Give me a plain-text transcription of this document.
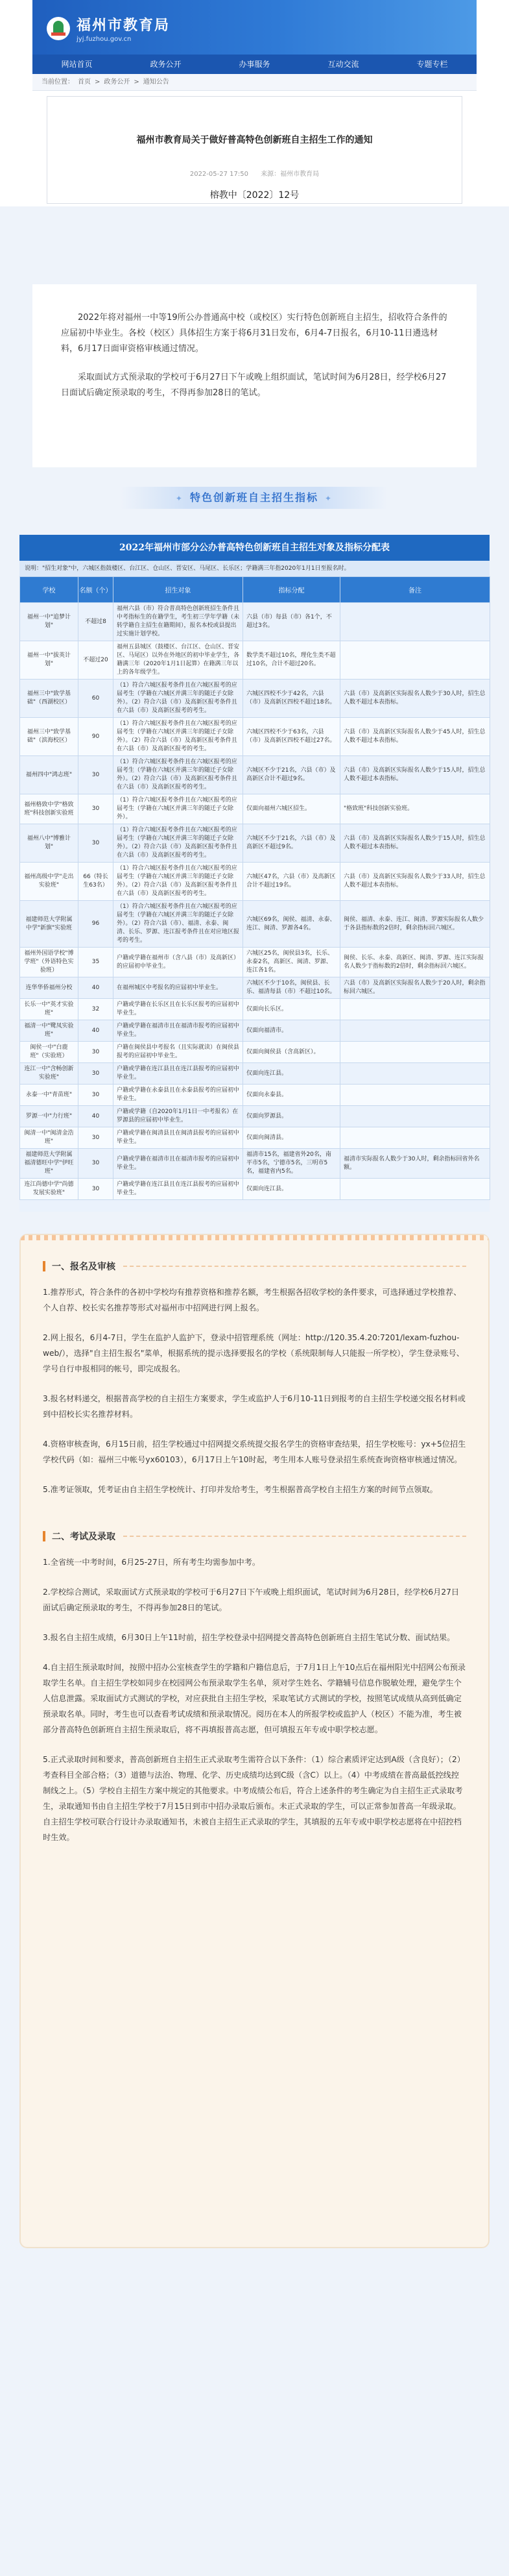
福州市教育局
jyj.fuzhou.gov.cn
网站首页	政务公开	办事服务	互动交流	专题专栏
当前位置： 首页 > 政务公开 > 通知公告
福州市教育局关于做好普高特色创新班自主招生工作的通知
2022-05-27 17:50 来源：福州市教育局
榕教中〔2022〕12号

2022年将对福州一中等19所公办普通高中校（或校区）实行特色创新班自主招生，招收符合条件的应届初中毕业生。各校（校区）具体招生方案于将6月31日发布，6月4-7日报名，6月10-11日遴选材料，6月17日面审资格审核通过情况。

采取面试方式预录取的学校可于6月27日下午或晚上组织面试，笔试时间为6月28日，经学校6月27日面试后确定预录取的考生，不得再参加28日的笔试。

✦ 特色创新班自主招生指标 ✦
2022年福州市部分公办普高特色创新班自主招生对象及指标分配表
说明："招生对象"中，六城区指鼓楼区、台江区、仓山区、晋安区、马尾区、长乐区；学籍满三年指2020年1月1日至报名时。
学校	名额（个）	招生对象	指标分配	备注
福州一中"追梦计划"	不超过8	福州六县（市）符合普高特色创新班招生条件且中考指标生的在籍学生，考生初三学年学籍（未转学籍自主招生在籍期间），报名本校或县提出过实施计划学校。	六县（市）每县（市）各1个，不超过3名。	
福州一中"拔英计划"	不超过20	福州五县城区（鼓楼区、台江区、仓山区、晋安区、马尾区）以外在外地区的初中毕业学生，各籍满三年（2020年1月1日起算）在籍满三年以上的各年级学生。	数学类不超过10名，理化生类不超过10名，合计不超过20名。	
福州三中"致学基础"（西湖校区）	60	（1）符合六城区报考条件且在六城区报考的应届考生（学籍在六城区并满三年的随迁子女除外）。（2）符合六县（市）及高新区报考条件且在六县（市）及高新区报考的考生。	六城区四校不少于42名，六县（市）及高新区四校不超过18名。	六县（市）及高新区实际报名人数少于30人时，招生总人数不超过本表指标。
福州三中"致学基础"（滨海校区）	90	（1）符合六城区报考条件且在六城区报考的应届考生（学籍在六城区并满三年的随迁子女除外）。（2）符合六县（市）及高新区报考条件且在六县（市）及高新区报考的考生。	六城区四校不少于63名，六县（市）及高新区四校不超过27名。	六县（市）及高新区实际报名人数少于45人时，招生总人数不超过本表指标。
福州四中"鸿志班"	30	（1）符合六城区报考条件且在六城区报考的应届考生（学籍在六城区并满三年的随迁子女除外）。（2）符合六县（市）及高新区报考条件且在六县（市）及高新区报考的考生。	六城区不少于21名，六县（市）及高新区合计不超过9名。	六县（市）及高新区实际报名人数少于15人时，招生总人数不超过本表指标。
福州格致中学"格致班"科技创新实验班	30	（1）符合六城区报考条件且在六城区报考的应届考生（学籍在六城区并满三年的随迁子女除外）。	仅面向福州六城区招生。	"格致班"科技创新实验班。
福州八中"博雅计划"	30	（1）符合六城区报考条件且在六城区报考的应届考生（学籍在六城区并满三年的随迁子女除外）。（2）符合六县（市）及高新区报考条件且在六县（市）及高新区报考的考生。	六城区不少于21名，六县（市）及高新区不超过9名。	六县（市）及高新区实际报名人数少于15人时，招生总人数不超过本表指标。
福州高级中学"走出实验班"	66（特长生63名）	（1）符合六城区报考条件且在六城区报考的应届考生（学籍在六城区并满三年的随迁子女除外）。（2）符合六县（市）及高新区报考条件且在六县（市）及高新区报考的考生。	六城区47名，六县（市）及高新区合计不超过19名。	六县（市）及高新区实际报名人数少于33人时，招生总人数不超过本表指标。
福建师范大学附属中学"新旗"实验班	96	（1）符合六城区报考条件且在六城区报考的应届考生（学籍在六城区并满三年的随迁子女除外）。（2）符合六县（市）、福清、永泰、闽清、长乐、罗源、连江报考条件且在对应地区报考的考生。	六城区69名，闽侯、福清、永泰、连江、闽清、罗源各4名。	闽侯、福清、永泰、连江、闽清、罗源实际报名人数少于各县指标数的2倍时，剩余指标回六城区。
福州外国语学校"博学班"（外语特色实验班）	35	户籍或学籍在福州市（含八县（市）及高新区）的应届初中毕业生。	六城区25名，闽侯县3名，长乐、永泰2名，高新区、闽清、罗源、连江各1名。	闽侯、长乐、永泰、高新区、闽清、罗源、连江实际报名人数少于指标数的2倍时，剩余指标回六城区。
连华华侨福州分校	40	在福州城区中考报名的应届初中毕业生。	六城区不少于10名，闽侯县、长乐、福清每县（市）不超过10名。	六县（市）及高新区实际报名人数少于20人时，剩余指标回六城区。
长乐一中"英才实验班"	32	户籍或学籍在长乐区且在长乐区报考的应届初中毕业生。	仅面向长乐区。	
福清一中"鹭凤实验班"	40	户籍或学籍在福清市且在福清市报考的应届初中毕业生。	仅面向福清市。	
闽侯一中"白鹿班"（实验班）	30	户籍在闽侯县中考报名（且实际就读）在闽侯县报考的应届初中毕业生。	仅面向闽侯县（含高新区）。	
连江一中"含畅创新实验班"	30	户籍或学籍在连江县且在连江县报考的应届初中毕业生。	仅面向连江县。	
永泰一中"青苗班"	30	户籍或学籍在永泰县且在永泰县报考的应届初中毕业生。	仅面向永泰县。	
罗源一中"力行班"	40	户籍或学籍（自2020年1月1日一中考报名）在罗源县的应届初中毕业生。	仅面向罗源县。	
闽清一中"闽清金浩班"	30	户籍或学籍在闽清县且在闽清县报考的应届初中毕业生。	仅面向闽清县。	
福建师范大学附属福清德旺中学"伊旺班"	30	户籍或学籍在福清市且在福清市报考的应届初中毕业生。	福清市15名，福建省外20名，南平市5名，宁德市5名，三明市5名，福建省内5名。	福清市实际报名人数少于30人时，剩余指标回省外名额。
连江尚德中学"尚德发展实验班"	30	户籍或学籍在连江县且在连江县报考的应届初中毕业生。	仅面向连江县。	
一、报名及审核

1.推荐形式，符合条件的各初中学校均有推荐资格和推荐名额，考生根据各招收学校的条件要求，可选择通过学校推荐、个人自荐、校长实名推荐等形式对福州市中招网进行网上报名。

2.网上报名，6月4-7日，学生在监护人监护下，登录中招管理系统（网址：http://120.35.4.20:7201/lexam-fuzhou-web/），选择"自主招生报名"菜单，根据系统的提示选择要报名的学校（系统限制每人只能报一所学校），学生登录账号、学号自行申报相同的帐号，即完成报名。

3.报名材料递交，根据普高学校的自主招生方案要求，学生或监护人于6月10-11日到报考的自主招生学校递交报名材料或到中招校长实名推荐材料。

4.资格审核查询，6月15日前，招生学校通过中招网提交系统提交报名学生的资格审查结果，招生学校账号：yx+5位招生学校代码（如：福州三中帐号yx60103），6月17日上午10时起，考生用本人账号登录招生系统查询资格审核通过情况。

5.准考证领取，凭考证由自主招生学校统计、打印并发给考生，考生根据普高学校自主招生方案的时间节点领取。

二、考试及录取

1.全省统一中考时间，6月25-27日，所有考生均需参加中考。

2.学校综合测试，采取面试方式预录取的学校可于6月27日下午或晚上组织面试，笔试时间为6月28日，经学校6月27日面试后确定预录取的考生，不得再参加28日的笔试。

3.报名自主招生成绩，6月30日上午11时前，招生学校登录中招网提交普高特色创新班自主招生笔试分数、面试结果。

4.自主招生预录取时间，按照中招办公室核查学生的学籍和户籍信息后，于7月1日上午10点后在福州阳光中招网公布预录取学生名单。自主招生学校如同步在校园网公布预录取学生名单，须对学生姓名、学籍辅号信息作脱敏处理，避免学生个人信息泄露。采取面试方式测试的学校，对应获批自主招生学校，采取笔试方式测试的学校，按照笔试成绩从高到低确定预录取名单。同时，考生也可以查看考试成绩和预录取情况。阅历在本人的所报学校或监护人（校区）不能为准，考生被部分普高特色创新班自主招生预录取后，将不再填报普高志愿，但可填报五年专或中职学校志愿。

5.正式录取时间和要求，普高创新班自主招生正式录取考生需符合以下条件：（1）综合素质评定达到A级（含良好）；（2）考查科目全部合格；（3）道德与法治、物理、化学、历史成绩均达到C级（含C）以上。（4）中考成绩在普高最低控线控制线之上。（5）学校自主招生方案中规定的其他要求。中考成绩公布后，符合上述条件的考生确定为自主招生正式录取考生，录取通知书由自主招生学校于7月15日到市中招办录取后颁布。未正式录取的学生，可以正常参加普高一年级录取。自主招生学校可联合行设计办录取通知书，未被自主招生正式录取的学生，其填报的五年专或中职学校志愿将在中招控档时生效。
